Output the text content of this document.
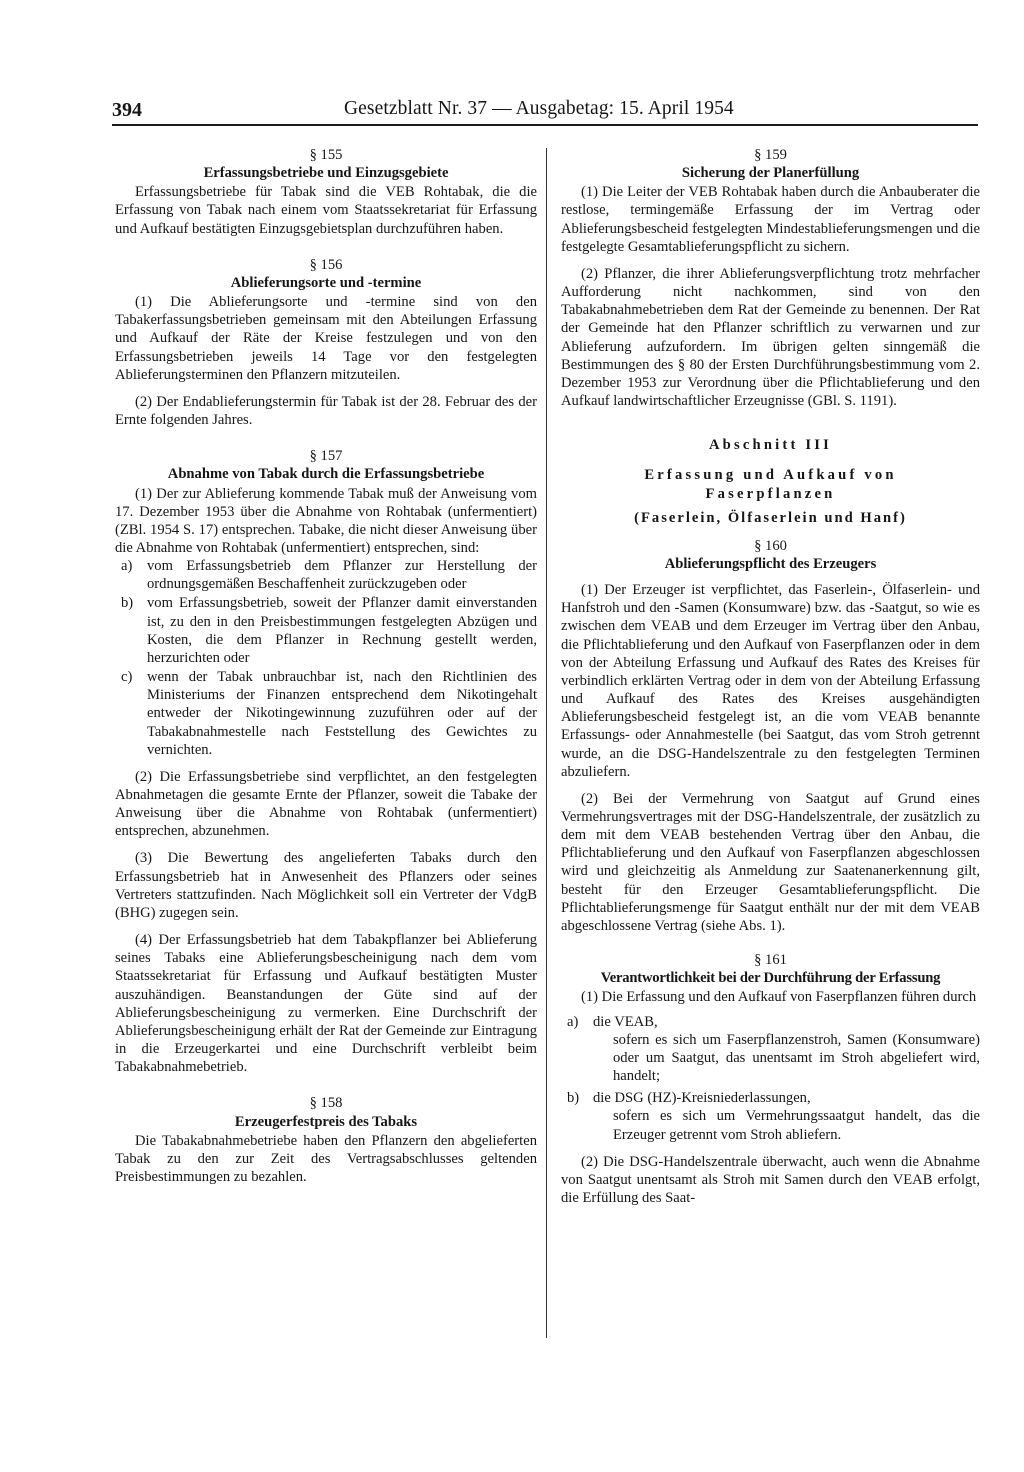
394	Gesetzblatt Nr. 37 — Ausgabetag: 15. April 1954

§ 155

Erfassungsbetriebe und Einzugsgebiete

Erfassungsbetriebe für Tabak sind die VEB Rohtabak, die die Erfassung von Tabak nach einem vom Staatssekretariat für Erfassung und Aufkauf bestätigten Einzugsgebietsplan durchzuführen haben.

§ 156

Ablieferungsorte und -termine

(1) Die Ablieferungsorte und -termine sind von den Tabakerfassungsbetrieben gemeinsam mit den Abteilungen Erfassung und Aufkauf der Räte der Kreise festzulegen und von den Erfassungsbetrieben jeweils 14 Tage vor den festgelegten Ablieferungsterminen den Pflanzern mitzuteilen.

(2) Der Endablieferungstermin für Tabak ist der 28. Februar des der Ernte folgenden Jahres.

§ 157

Abnahme von Tabak durch die Erfassungsbetriebe

(1) Der zur Ablieferung kommende Tabak muß der Anweisung vom 17. Dezember 1953 über die Abnahme von Rohtabak (unfermentiert) (ZBl. 1954 S. 17) entsprechen. Tabake, die nicht dieser Anweisung über die Abnahme von Rohtabak (unfermentiert) entsprechen, sind:

a)	vom Erfassungsbetrieb dem Pflanzer zur Herstellung der ordnungsgemäßen Beschaffenheit zurückzugeben oder
b) vom Erfassungsbetrieb, soweit der Pflanzer damit einverstanden ist, zu den in den Preisbestimmungen festgelegten Abzügen und Kosten, die dem Pflanzer in Rechnung gestellt werden, herzurichten oder
c)	wenn der Tabak unbrauchbar ist, nach den Richtlinien des Ministeriums der Finanzen entsprechend dem Nikotingehalt entweder der Nikotingewinnung zuzuführen oder auf der Tabakabnahmestelle nach Feststellung des Gewichtes zu vernichten.

(2) Die Erfassungsbetriebe sind verpflichtet, an den festgelegten Abnahmetagen die gesamte Ernte der Pflanzer, soweit die Tabake der Anweisung über die Abnahme von Rohtabak (unfermentiert) entsprechen, abzunehmen.

(3) Die Bewertung des angelieferten Tabaks durch den Erfassungsbetrieb hat in Anwesenheit des Pflanzers oder seines Vertreters stattzufinden. Nach Möglichkeit soll ein Vertreter der VdgB (BHG) zugegen sein.

(4) Der Erfassungsbetrieb hat dem Tabakpflanzer bei Ablieferung seines Tabaks eine Ablieferungsbescheinigung nach dem vom Staatssekretariat für Erfassung und Aufkauf bestätigten Muster auszuhändigen. Beanstandungen der Güte sind auf der Ablieferungsbescheinigung zu vermerken. Eine Durchschrift der Ablieferungsbescheinigung erhält der Rat der Gemeinde zur Eintragung in die Erzeugerkartei und eine Durchschrift verbleibt beim Tabakabnahmebetrieb.

§ 158

Erzeugerfestpreis des Tabaks

Die Tabakabnahmebetriebe haben den Pflanzern den abgelieferten Tabak zu den zur Zeit des Vertragsabschlusses geltenden Preisbestimmungen zu bezahlen.

§ 159

Sicherung der Planerfüllung

(1) Die Leiter der VEB Rohtabak haben durch die Anbauberater die restlose, termingemäße Erfassung der im Vertrag oder Ablieferungsbescheid festgelegten Mindestablieferungsmengen und die festgelegte Gesamtablieferungspflicht zu sichern.

(2) Pflanzer, die ihrer Ablieferungsverpflichtung trotz mehrfacher Aufforderung nicht nachkommen, sind von den Tabakabnahmebetrieben dem Rat der Gemeinde zu benennen. Der Rat der Gemeinde hat den Pflanzer schriftlich zu verwarnen und zur Ablieferung aufzufordern. Im übrigen gelten sinngemäß die Bestimmungen des § 80 der Ersten Durchführungsbestimmung vom 2. Dezember 1953 zur Verordnung über die Pflichtablieferung und den Aufkauf landwirtschaftlicher Erzeugnisse (GBl. S. 1191).

Abschnitt III

Erfassung und Aufkauf von

Faserpflanzen

(Faserlein, Ölfaserlein und Hanf)

§ 160

Ablieferungspflicht des Erzeugers

(1) Der Erzeuger ist verpflichtet, das Faserlein-, Ölfaserlein- und Hanfstroh und den -Samen (Konsumware) bzw. das -Saatgut, so wie es zwischen dem VEAB und dem Erzeuger im Vertrag über den Anbau, die Pflichtablieferung und den Aufkauf von Faserpflanzen oder in dem von der Abteilung Erfassung und Aufkauf des Rates des Kreises für verbindlich erklärten Vertrag oder in dem von der Abteilung Erfassung und Aufkauf des Rates des Kreises ausgehändigten Ablieferungsbescheid festgelegt ist, an die vom VEAB benannte Erfassungs- oder Annahmestelle (bei Saatgut, das vom Stroh getrennt wurde, an die DSG-Handelszentrale zu den festgelegten Terminen abzuliefern.

(2) Bei der Vermehrung von Saatgut auf Grund eines Vermehrungsvertrages mit der DSG-Handelszentrale, der zusätzlich zu dem mit dem VEAB bestehenden Vertrag über den Anbau, die Pflichtablieferung und den Aufkauf von Faserpflanzen abgeschlossen wird und gleichzeitig als Anmeldung zur Saatenanerkennung gilt, besteht für den Erzeuger Gesamtablieferungspflicht. Die Pflichtablieferungsmenge für Saatgut enthält nur der mit dem VEAB abgeschlossene Vertrag (siehe Abs. 1).

§ 161

Verantwortlichkeit bei der Durchführung der Erfassung

(1) Die Erfassung und den Aufkauf von Faserpflanzen führen durch

a)	die VEAB,
sofern es sich um Faserpflanzenstroh, Samen (Konsumware) oder um Saatgut, das unentsamt im Stroh abgeliefert wird, handelt;
b) die DSG (HZ)-Kreisniederlassungen,
sofern es sich um Vermehrungssaatgut handelt, das die Erzeuger getrennt vom Stroh abliefern.

(2) Die DSG-Handelszentrale überwacht, auch wenn die Abnahme von Saatgut unentsamt als Stroh mit Samen durch den VEAB erfolgt, die Erfüllung des Saat-
